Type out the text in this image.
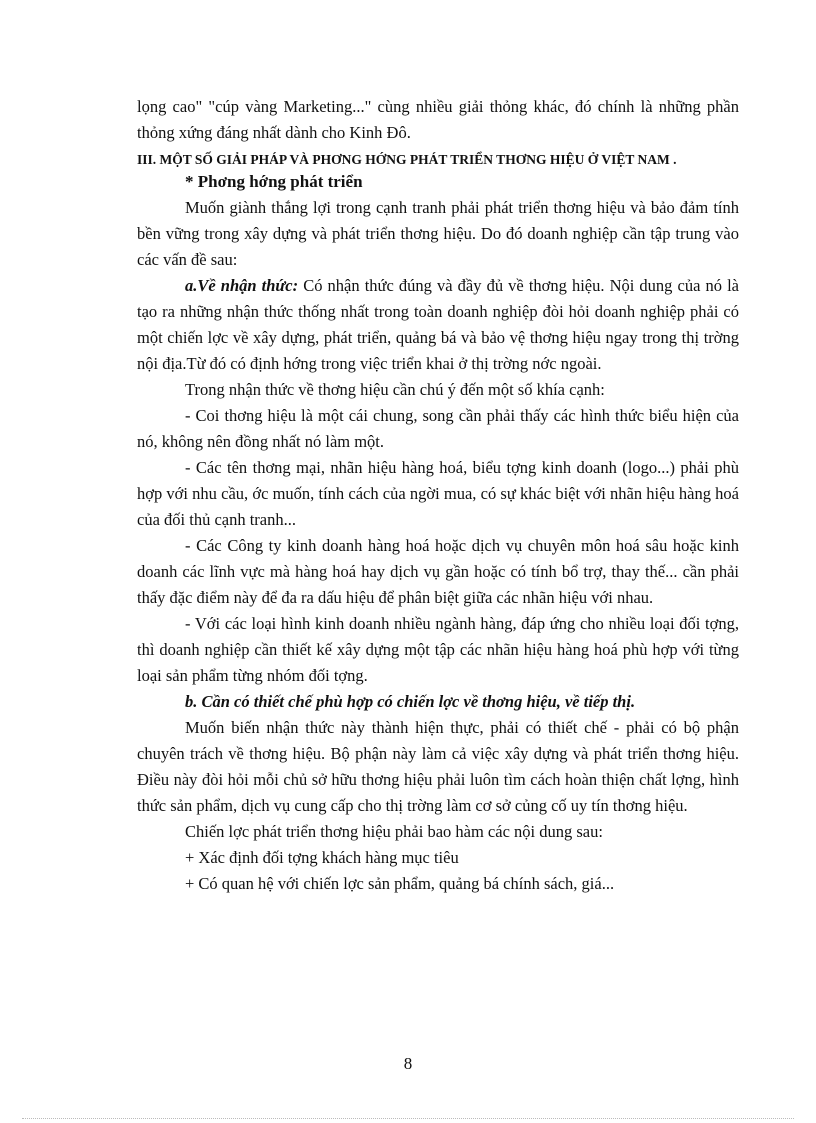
lọng cao" "cúp vàng Marketing..." cùng nhiều giải thỏng khác, đó chính là những phần thỏng xứng đáng nhất dành cho Kinh Đô.

III. MỘT SỐ GIẢI PHÁP VÀ PHƠNG HỚNG PHÁT TRIỂN THƠNG HIỆU Ở VIỆT NAM .

* Phơng hớng phát triển

Muốn giành thắng lợi trong cạnh tranh phải phát triển thơng hiệu và bảo đảm tính bền vững trong xây dựng và phát triển thơng hiệu. Do đó doanh nghiệp cần tập trung vào các vấn đề sau:

a.Về nhận thức: Có nhận thức đúng và đầy đủ về thơng hiệu. Nội dung của nó là tạo ra những nhận thức thống nhất trong toàn doanh nghiệp đòi hỏi doanh nghiệp phải có một chiến lợc về xây dựng, phát triển, quảng bá và bảo vệ thơng hiệu ngay trong thị trờng nội địa.Từ đó có định hớng trong việc triển khai ở thị trờng nớc ngoài.

Trong nhận thức về thơng hiệu cần chú ý đến một số khía cạnh:

- Coi thơng hiệu là một cái chung, song cần phải thấy các hình thức biểu hiện của nó, không nên đồng nhất nó làm một.

- Các tên thơng mại, nhãn hiệu hàng hoá, biểu tợng kinh doanh (logo...) phải phù hợp với nhu cầu, ớc muốn, tính cách của ngời mua, có sự khác biệt với nhãn hiệu hàng hoá của đối thủ cạnh tranh...

- Các Công ty kinh doanh hàng hoá hoặc dịch vụ chuyên môn hoá sâu hoặc kinh doanh các lĩnh vực mà hàng hoá hay dịch vụ gần hoặc có tính bổ trợ, thay thế... cần phải thấy đặc điểm này để đa ra dấu hiệu để phân biệt giữa các nhãn hiệu với nhau.

- Với các loại hình kinh doanh nhiều ngành hàng, đáp ứng cho nhiều loại đối tợng, thì doanh nghiệp cần thiết kế xây dựng một tập các nhãn hiệu hàng hoá phù hợp với từng loại sản phẩm từng nhóm đối tợng.

b. Cần có thiết chế phù hợp có chiến lợc về thơng hiệu, về tiếp thị.

Muốn biến nhận thức này thành hiện thực, phải có thiết chế - phải có bộ phận chuyên trách về thơng hiệu. Bộ phận này làm cả việc xây dựng và phát triển thơng hiệu. Điều này đòi hỏi mỗi chủ sở hữu thơng hiệu phải luôn tìm cách hoàn thiện chất lợng, hình thức sản phẩm, dịch vụ cung cấp cho thị trờng làm cơ sở củng cố uy tín thơng hiệu.

Chiến lợc phát triển thơng hiệu phải bao hàm các nội dung sau:

+ Xác định đối tợng khách hàng mục tiêu

+ Có quan hệ với chiến lợc sản phẩm, quảng bá chính sách, giá...

8
